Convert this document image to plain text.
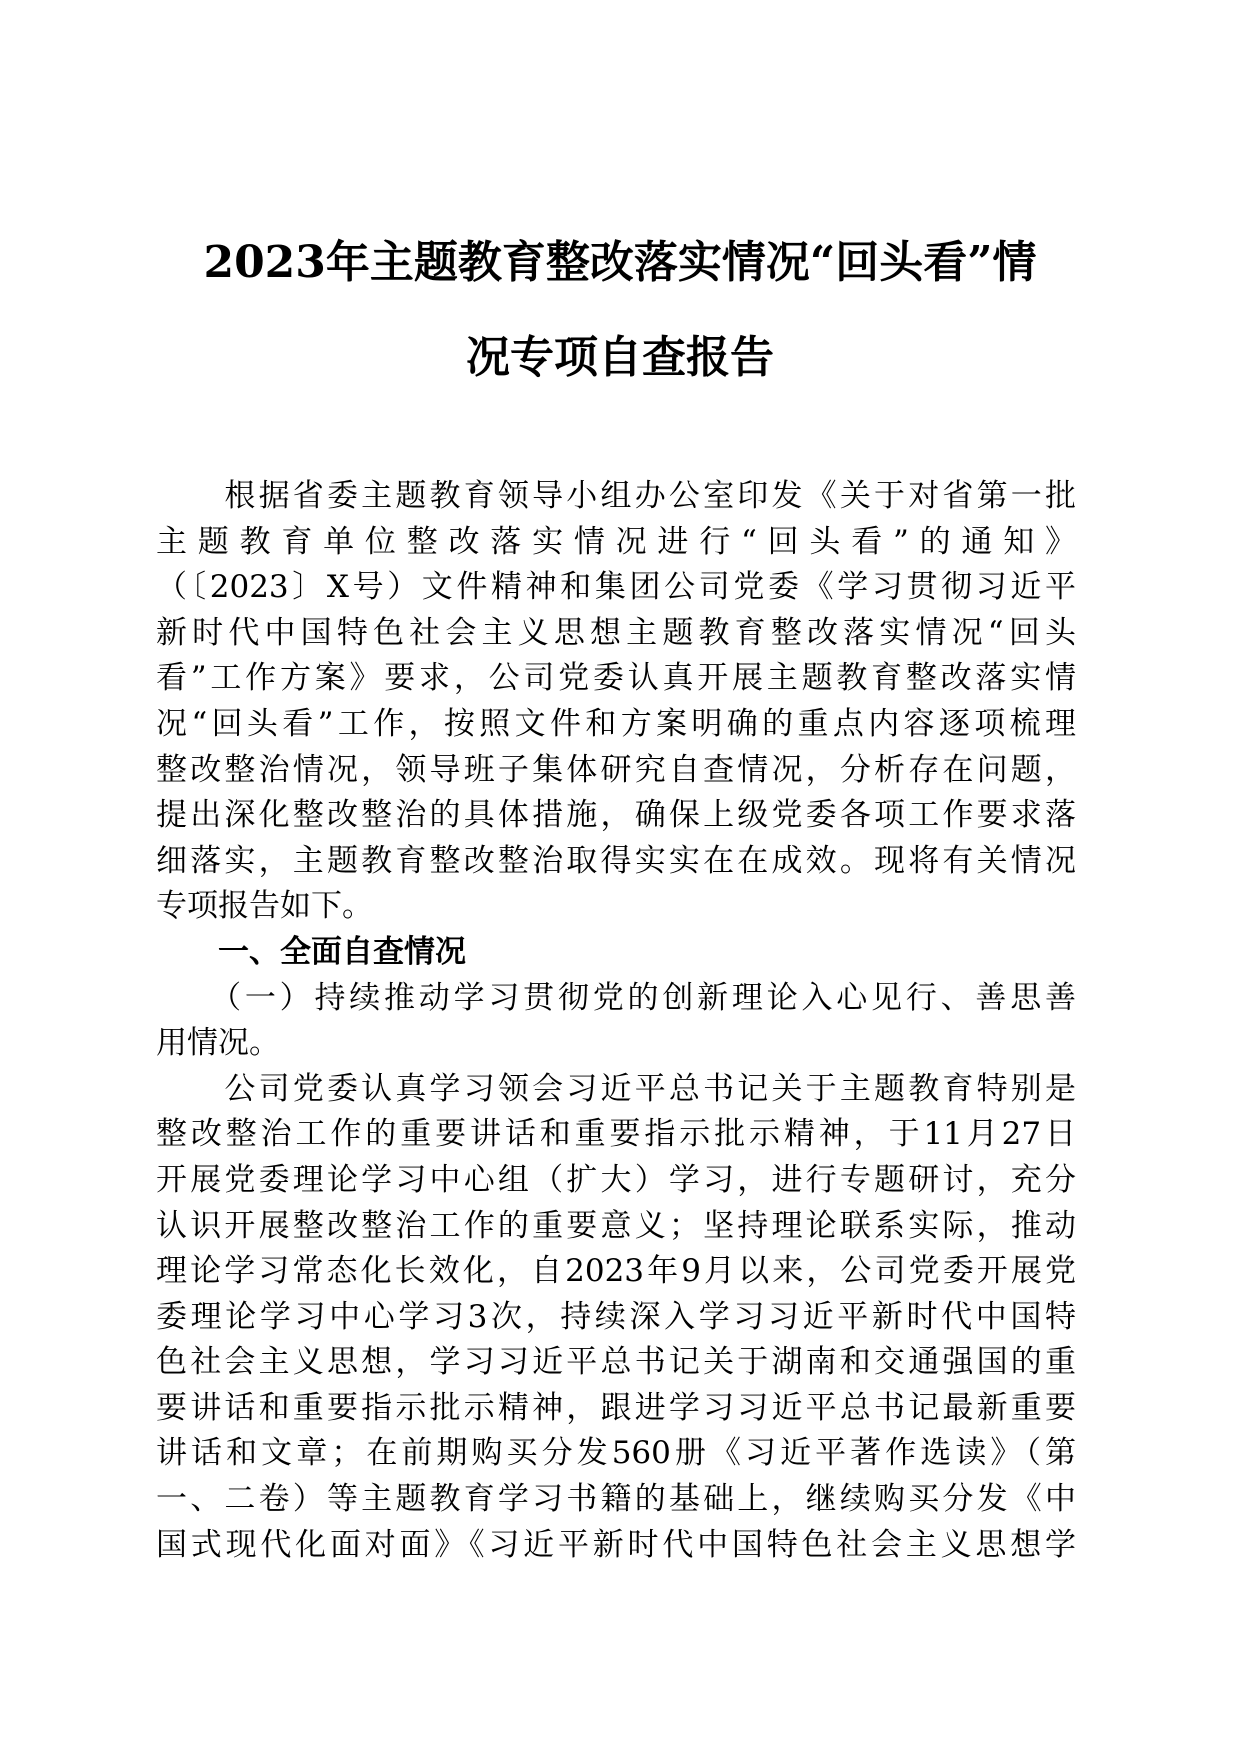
2023年主题教育整改落实情况“回头看”情
况专项自查报告
　　根据省委主题教育领导小组办公室印发《关于对省第一批
主题教育单位整改落实情况进行“回头看”的通知》
（〔2023〕X号）文件精神和集团公司党委《学习贯彻习近平
新时代中国特色社会主义思想主题教育整改落实情况“回头
看”工作方案》要求，公司党委认真开展主题教育整改落实情
况“回头看”工作，按照文件和方案明确的重点内容逐项梳理
整改整治情况，领导班子集体研究自查情况，分析存在问题，
提出深化整改整治的具体措施，确保上级党委各项工作要求落
细落实，主题教育整改整治取得实实在在成效。现将有关情况
专项报告如下。
　　一、全面自查情况
　　（一）持续推动学习贯彻党的创新理论入心见行、善思善
用情况。
　　公司党委认真学习领会习近平总书记关于主题教育特别是
整改整治工作的重要讲话和重要指示批示精神，于11月27日
开展党委理论学习中心组（扩大）学习，进行专题研讨，充分
认识开展整改整治工作的重要意义；坚持理论联系实际，推动
理论学习常态化长效化，自2023年9月以来，公司党委开展党
委理论学习中心学习3次，持续深入学习习近平新时代中国特
色社会主义思想，学习习近平总书记关于湖南和交通强国的重
要讲话和重要指示批示精神，跟进学习习近平总书记最新重要
讲话和文章；在前期购买分发560册《习近平著作选读》（第
一、二卷）等主题教育学习书籍的基础上，继续购买分发《中
国式现代化面对面》《习近平新时代中国特色社会主义思想学
